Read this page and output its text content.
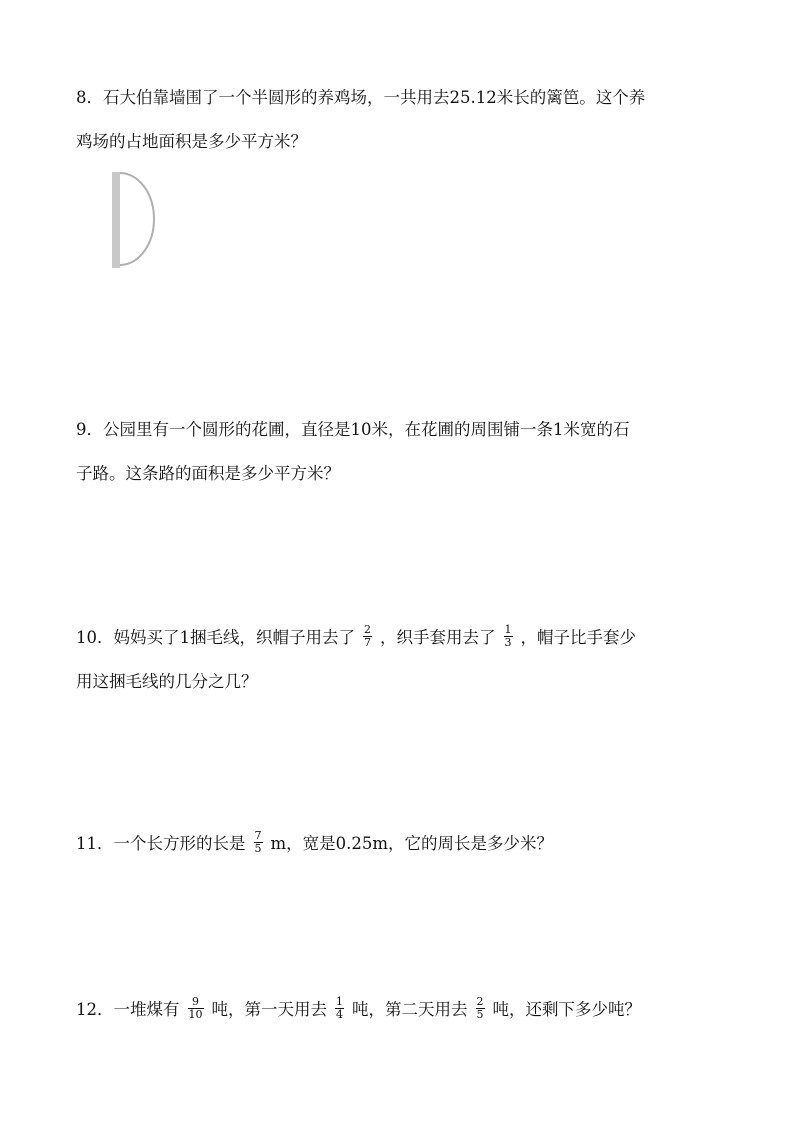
8．石大伯靠墙围了一个半圆形的养鸡场，一共用去25.12米长的篱笆。这个养
鸡场的占地面积是多少平方米？
9．公园里有一个圆形的花圃，直径是10米，在花圃的周围铺一条1米宽的石
子路。这条路的面积是多少平方米？
10．妈妈买了1捆毛线，织帽子用去了 $\frac{2}{7}$ ，织手套用去了 $\frac{1}{3}$ ，帽子比手套少
用这捆毛线的几分之几？
11．一个长方形的长是 $\frac{7}{5}$ m，宽是0.25m，它的周长是多少米？
12．一堆煤有 $\frac{9}{10}$ 吨，第一天用去 $\frac{1}{4}$ 吨，第二天用去 $\frac{2}{5}$ 吨，还剩下多少吨？
